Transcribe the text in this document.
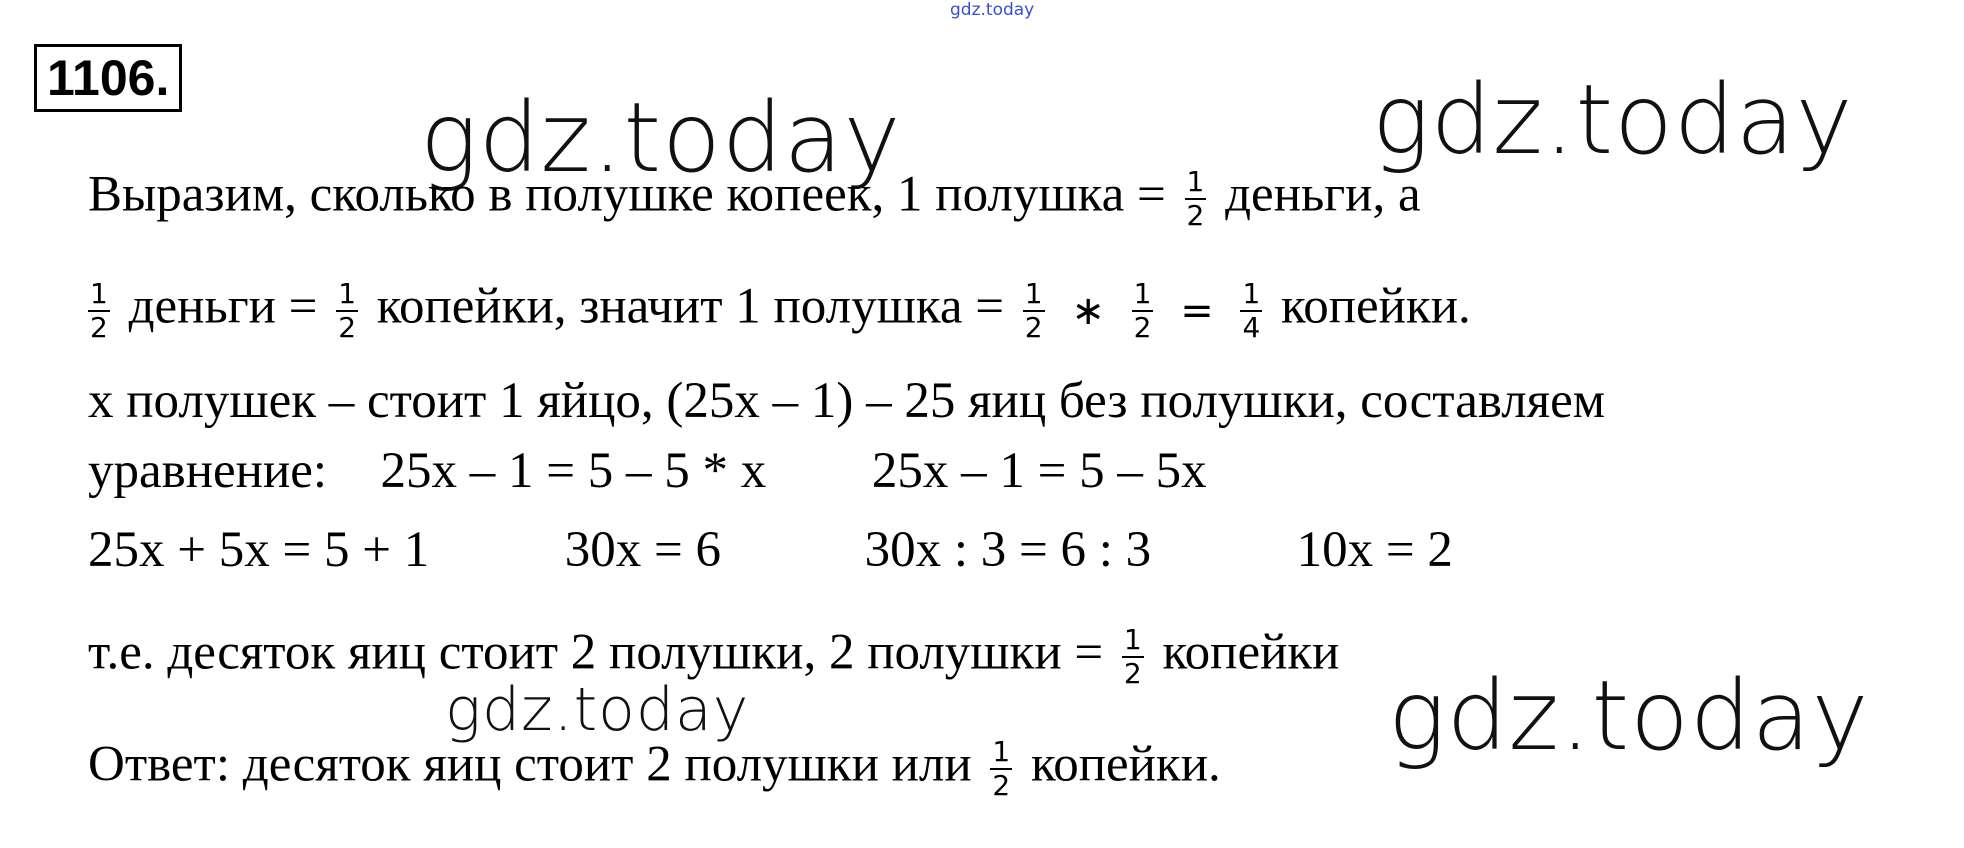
gdz.today
gdz.today	gdz.today
gdz.today	gdz.today
1106.
Выразим, сколько в полушке копеек, 1 полушка = $\frac{1}{2}$ деньги, а
$\frac{1}{2}$ деньги = $\frac{1}{2}$ копейки, значит 1 полушка = $\frac{1}{2}$ ∗ $\frac{1}{2} = \frac{1}{4}$ копейки.
x полушек – стоит 1 яйцо, (25x – 1) – 25 яиц без полушки, составляем
уравнение: 25x – 1 = 5 – 5 * x 25x – 1 = 5 – 5x
25x + 5x = 5 + 1	30x = 6	30x : 3 = 6 : 3	10x = 2
т.е. десяток яиц стоит 2 полушки, 2 полушки = $\frac{1}{2}$ копейки
Ответ: десяток яиц стоит 2 полушки или $\frac{1}{2}$ копейки.
